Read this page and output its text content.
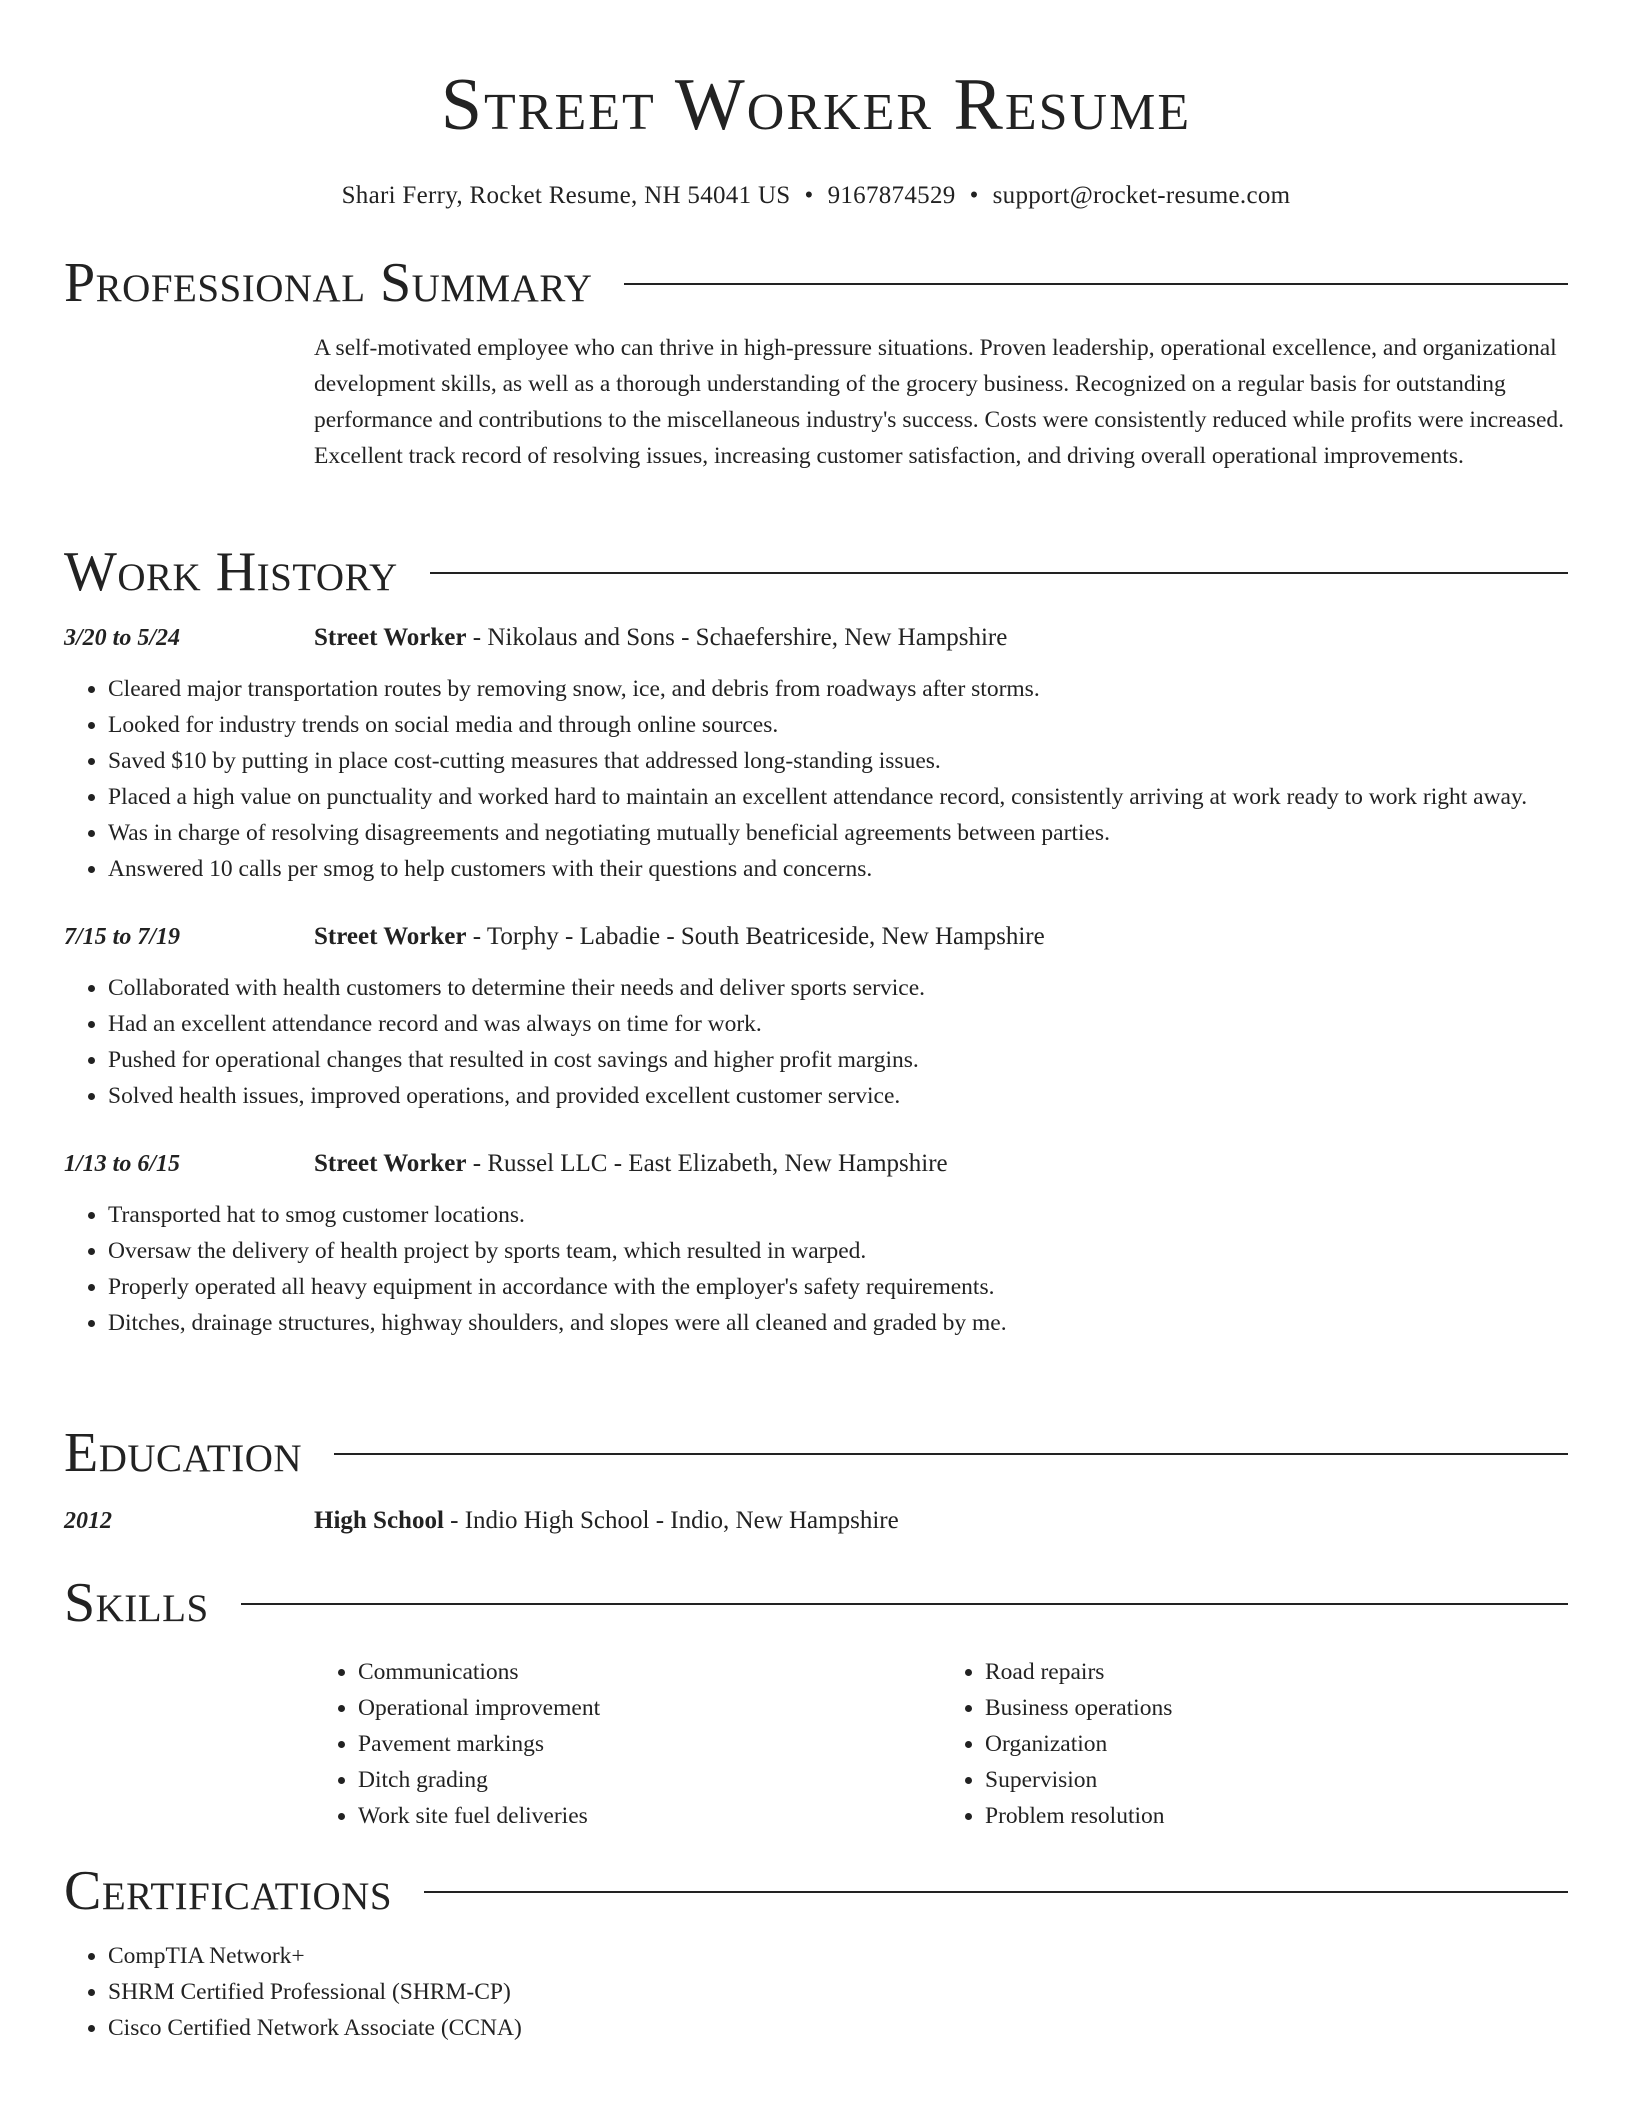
Street Worker Resume
Shari Ferry, Rocket Resume, NH 54041 US • 9167874529 • support@rocket-resume.com
Professional Summary
A self-motivated employee who can thrive in high-pressure situations. Proven leadership, operational excellence, and organizational development skills, as well as a thorough understanding of the grocery business. Recognized on a regular basis for outstanding performance and contributions to the miscellaneous industry's success. Costs were consistently reduced while profits were increased. Excellent track record of resolving issues, increasing customer satisfaction, and driving overall operational improvements.
Work History
3/20 to 5/24	Street Worker - Nikolaus and Sons - Schaefershire, New Hampshire
• Cleared major transportation routes by removing snow, ice, and debris from roadways after storms.
• Looked for industry trends on social media and through online sources.
• Saved $10 by putting in place cost-cutting measures that addressed long-standing issues.
• Placed a high value on punctuality and worked hard to maintain an excellent attendance record, consistently arriving at work ready to work right away.
• Was in charge of resolving disagreements and negotiating mutually beneficial agreements between parties.
• Answered 10 calls per smog to help customers with their questions and concerns.
7/15 to 7/19	Street Worker - Torphy - Labadie - South Beatriceside, New Hampshire
• Collaborated with health customers to determine their needs and deliver sports service.
• Had an excellent attendance record and was always on time for work.
• Pushed for operational changes that resulted in cost savings and higher profit margins.
• Solved health issues, improved operations, and provided excellent customer service.
1/13 to 6/15	Street Worker - Russel LLC - East Elizabeth, New Hampshire
• Transported hat to smog customer locations.
• Oversaw the delivery of health project by sports team, which resulted in warped.
• Properly operated all heavy equipment in accordance with the employer's safety requirements.
• Ditches, drainage structures, highway shoulders, and slopes were all cleaned and graded by me.
Education
2012	High School - Indio High School - Indio, New Hampshire
Skills
• Communications
• Operational improvement
• Pavement markings
• Ditch grading
• Work site fuel deliveries
• Road repairs
• Business operations
• Organization
• Supervision
• Problem resolution
Certifications
• CompTIA Network+
• SHRM Certified Professional (SHRM-CP)
• Cisco Certified Network Associate (CCNA)
